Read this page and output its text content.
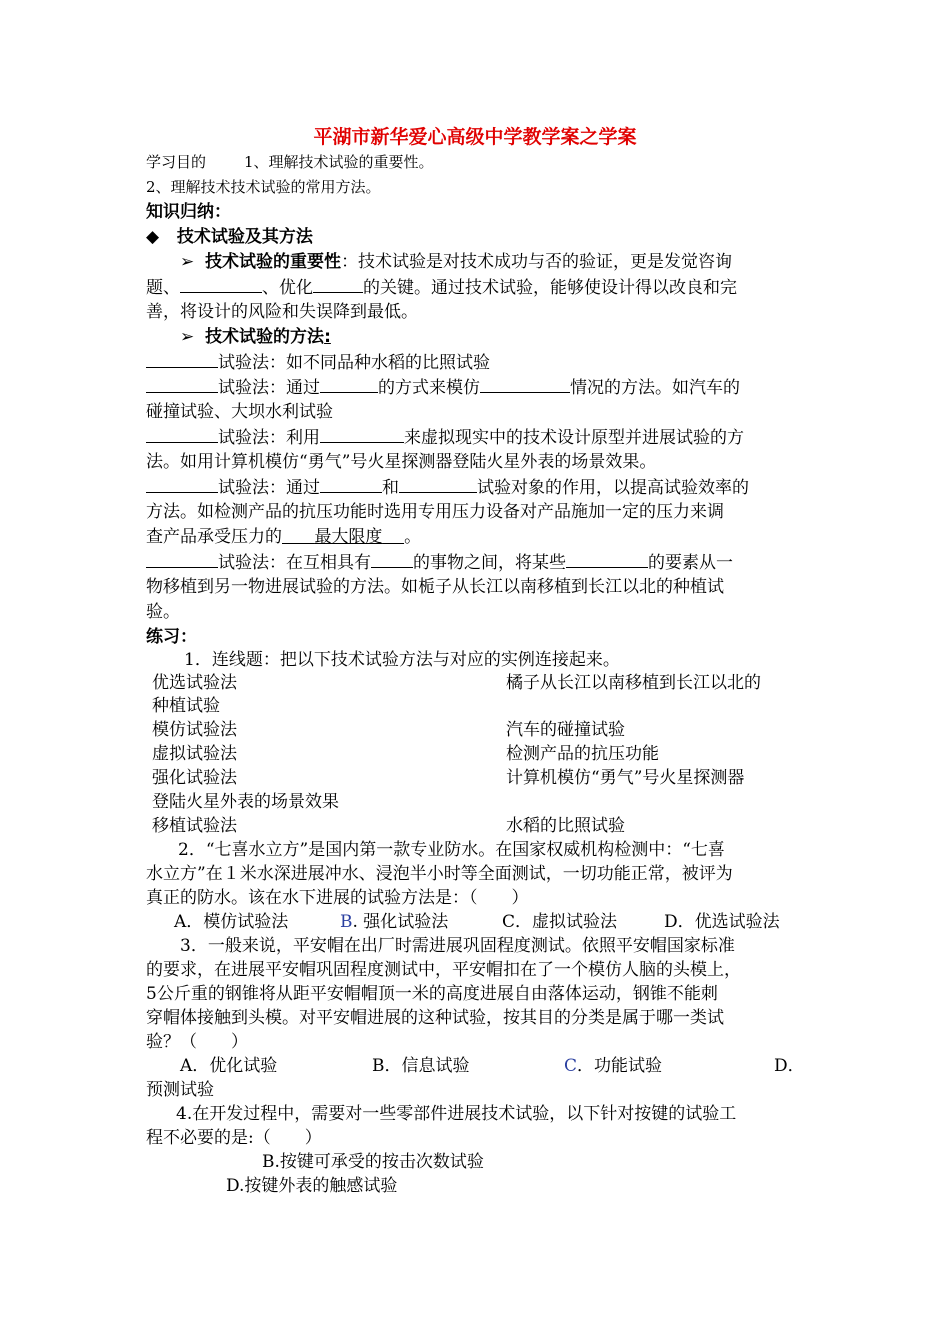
平湖市新华爱心高级中学教学案之学案
学习目的	1、理解技术试验的重要性。
2、理解技术技术试验的常用方法。
知识归纳：
◆ 技术试验及其方法
➢ 技术试验的重要性：技术试验是对技术成功与否的验证，更是发觉咨询
题、	、优化	的关键。通过技术试验，能够使设计得以改良和完
善，将设计的风险和失误降到最低。
➢ 技术试验的方法:
试验法：如不同品种水稻的比照试验
试验法：通过	的方式来模仿	情况的方法。如汽车的
碰撞试验、大坝水利试验
试验法：利用	来虚拟现实中的技术设计原型并进展试验的方
法。如用计算机模仿“勇气”号火星探测器登陆火星外表的场景效果。
试验法：通过	和	试验对象的作用，以提高试验效率的
方法。如检测产品的抗压功能时选用专用压力设备对产品施加一定的压力来调
查产品承受压力的 最大限度 。
试验法：在互相具有 的事物之间，将某些	的要素从一
物移植到另一物进展试验的方法。如栀子从长江以南移植到长江以北的种植试
验。
练习：
1．连线题：把以下技术试验方法与对应的实例连接起来。
优选试验法	橘子从长江以南移植到长江以北的
种植试验
模仿试验法	汽车的碰撞试验
虚拟试验法	检测产品的抗压功能
强化试验法	计算机模仿“勇气”号火星探测器
登陆火星外表的场景效果
移植试验法	水稻的比照试验
2．“七喜水立方”是国内第一款专业防水。在国家权威机构检测中：“七喜
水立方”在１米水深进展冲水、浸泡半小时等全面测试，一切功能正常，被评为
真正的防水。该在水下进展的试验方法是：（　　）
A．模仿试验法	B. 强化试验法	C．虚拟试验法	D．优选试验法
3．一般来说，平安帽在出厂时需进展巩固程度测试。依照平安帽国家标准
的要求，在进展平安帽巩固程度测试中，平安帽扣在了一个模仿人脑的头模上，
5公斤重的钢锥将从距平安帽帽顶一米的高度进展自由落体运动，钢锥不能刺
穿帽体接触到头模。对平安帽进展的这种试验，按其目的分类是属于哪一类试
验？（　　）
A．优化试验	B．信息试验	C．功能试验	D．
预测试验
4.在开发过程中，需要对一些零部件进展技术试验，以下针对按键的试验工
程不必要的是:（　　）
B.按键可承受的按击次数试验
D.按键外表的触感试验
